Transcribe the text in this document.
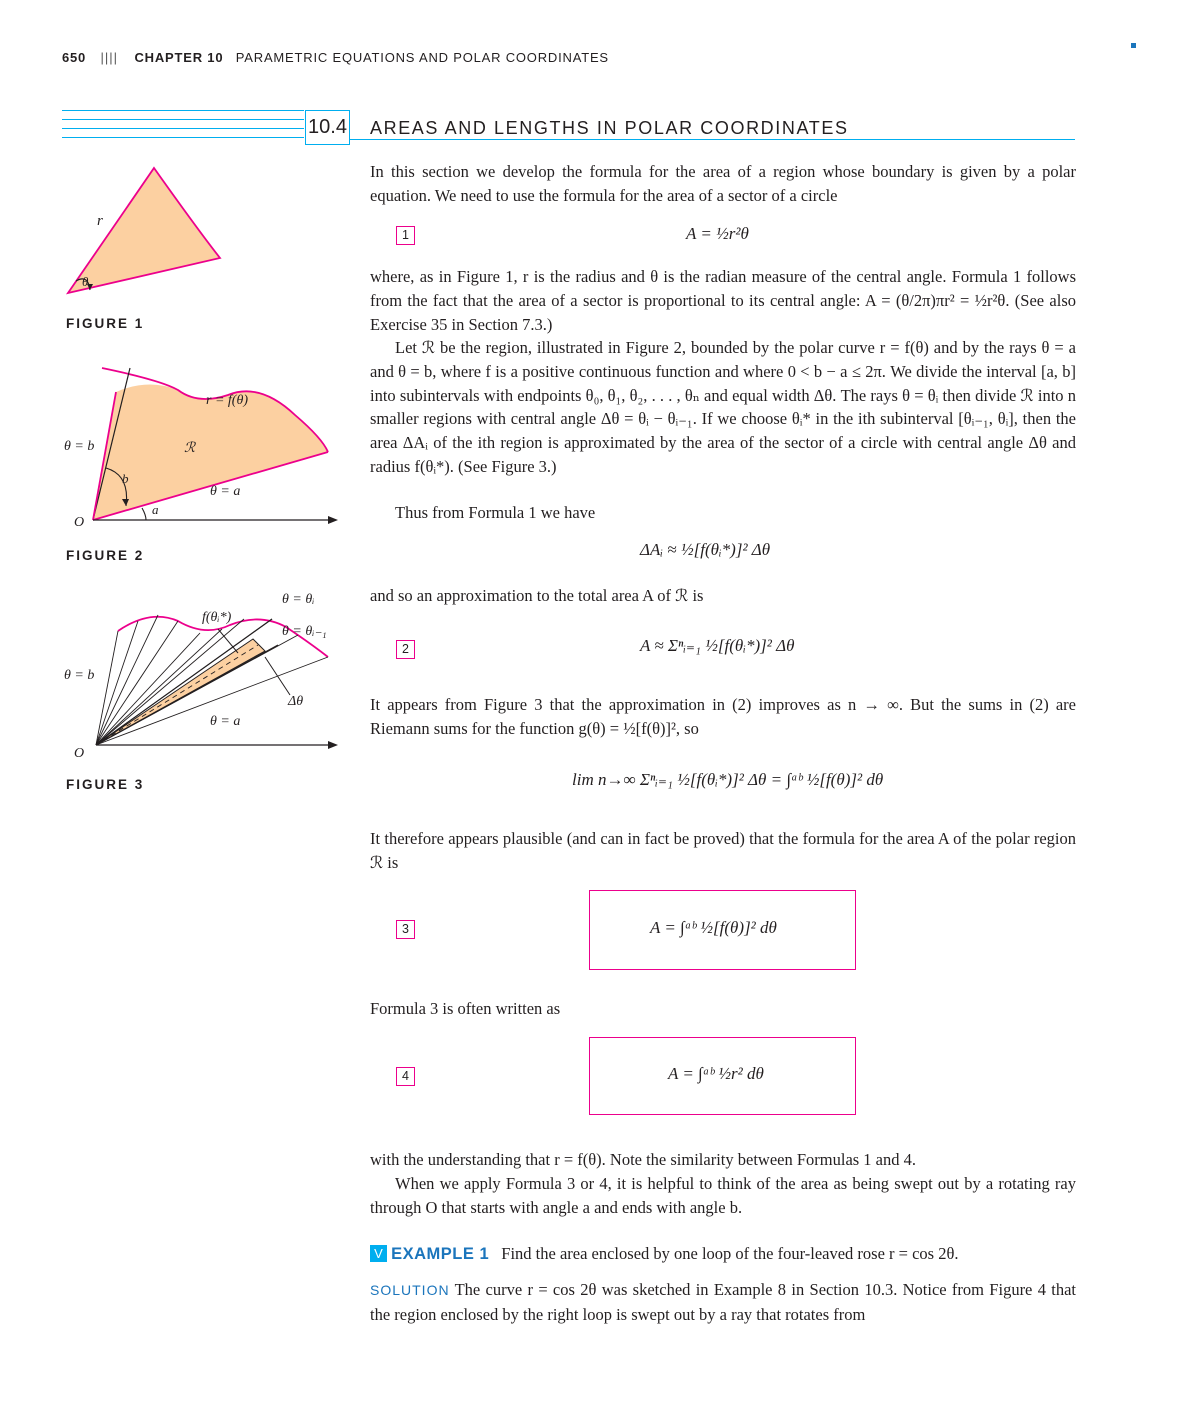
650 |||| CHAPTER 10 PARAMETRIC EQUATIONS AND POLAR COORDINATES
10.4 AREAS AND LENGTHS IN POLAR COORDINATES
r
θ
FIGURE 1
r = f(θ)
ℛ
θ = b
θ = a
b
a
O
FIGURE 2
θ = θᵢ
θ = θᵢ₋₁
f(θᵢ*)
Δθ
θ = b
θ = a
O
FIGURE 3
In this section we develop the formula for the area of a region whose boundary is given by a polar equation. We need to use the formula for the area of a sector of a circle
1	A = ½r²θ
where, as in Figure 1, r is the radius and θ is the radian measure of the central angle. Formula 1 follows from the fact that the area of a sector is proportional to its central angle: A = (θ/2π)πr² = ½r²θ. (See also Exercise 35 in Section 7.3.)
Let ℛ be the region, illustrated in Figure 2, bounded by the polar curve r = f(θ) and by the rays θ = a and θ = b, where f is a positive continuous function and where 0 < b − a ≤ 2π. We divide the interval [a, b] into subintervals with endpoints θ₀, θ₁, θ₂, . . . , θₙ and equal width Δθ. The rays θ = θᵢ then divide ℛ into n smaller regions with central angle Δθ = θᵢ − θᵢ₋₁. If we choose θᵢ* in the ith subinterval [θᵢ₋₁, θᵢ], then the area ΔAᵢ of the ith region is approximated by the area of the sector of a circle with central angle Δθ and radius f(θᵢ*). (See Figure 3.)
Thus from Formula 1 we have
ΔAᵢ ≈ ½[f(θᵢ*)]² Δθ
and so an approximation to the total area A of ℛ is
2	A ≈ Σⁿᵢ₌₁ ½[f(θᵢ*)]² Δθ
It appears from Figure 3 that the approximation in (2) improves as n → ∞. But the sums in (2) are Riemann sums for the function g(θ) = ½[f(θ)]², so
lim n→∞ Σⁿᵢ₌₁ ½[f(θᵢ*)]² Δθ = ∫ᵃᵇ ½[f(θ)]² dθ
It therefore appears plausible (and can in fact be proved) that the formula for the area A of the polar region ℛ is
3	A = ∫ᵃᵇ ½[f(θ)]² dθ
Formula 3 is often written as
4	A = ∫ᵃᵇ ½r² dθ
with the understanding that r = f(θ). Note the similarity between Formulas 1 and 4.
When we apply Formula 3 or 4, it is helpful to think of the area as being swept out by a rotating ray through O that starts with angle a and ends with angle b.
V EXAMPLE 1 Find the area enclosed by one loop of the four-leaved rose r = cos 2θ.
SOLUTION The curve r = cos 2θ was sketched in Example 8 in Section 10.3. Notice from Figure 4 that the region enclosed by the right loop is swept out by a ray that rotates from
